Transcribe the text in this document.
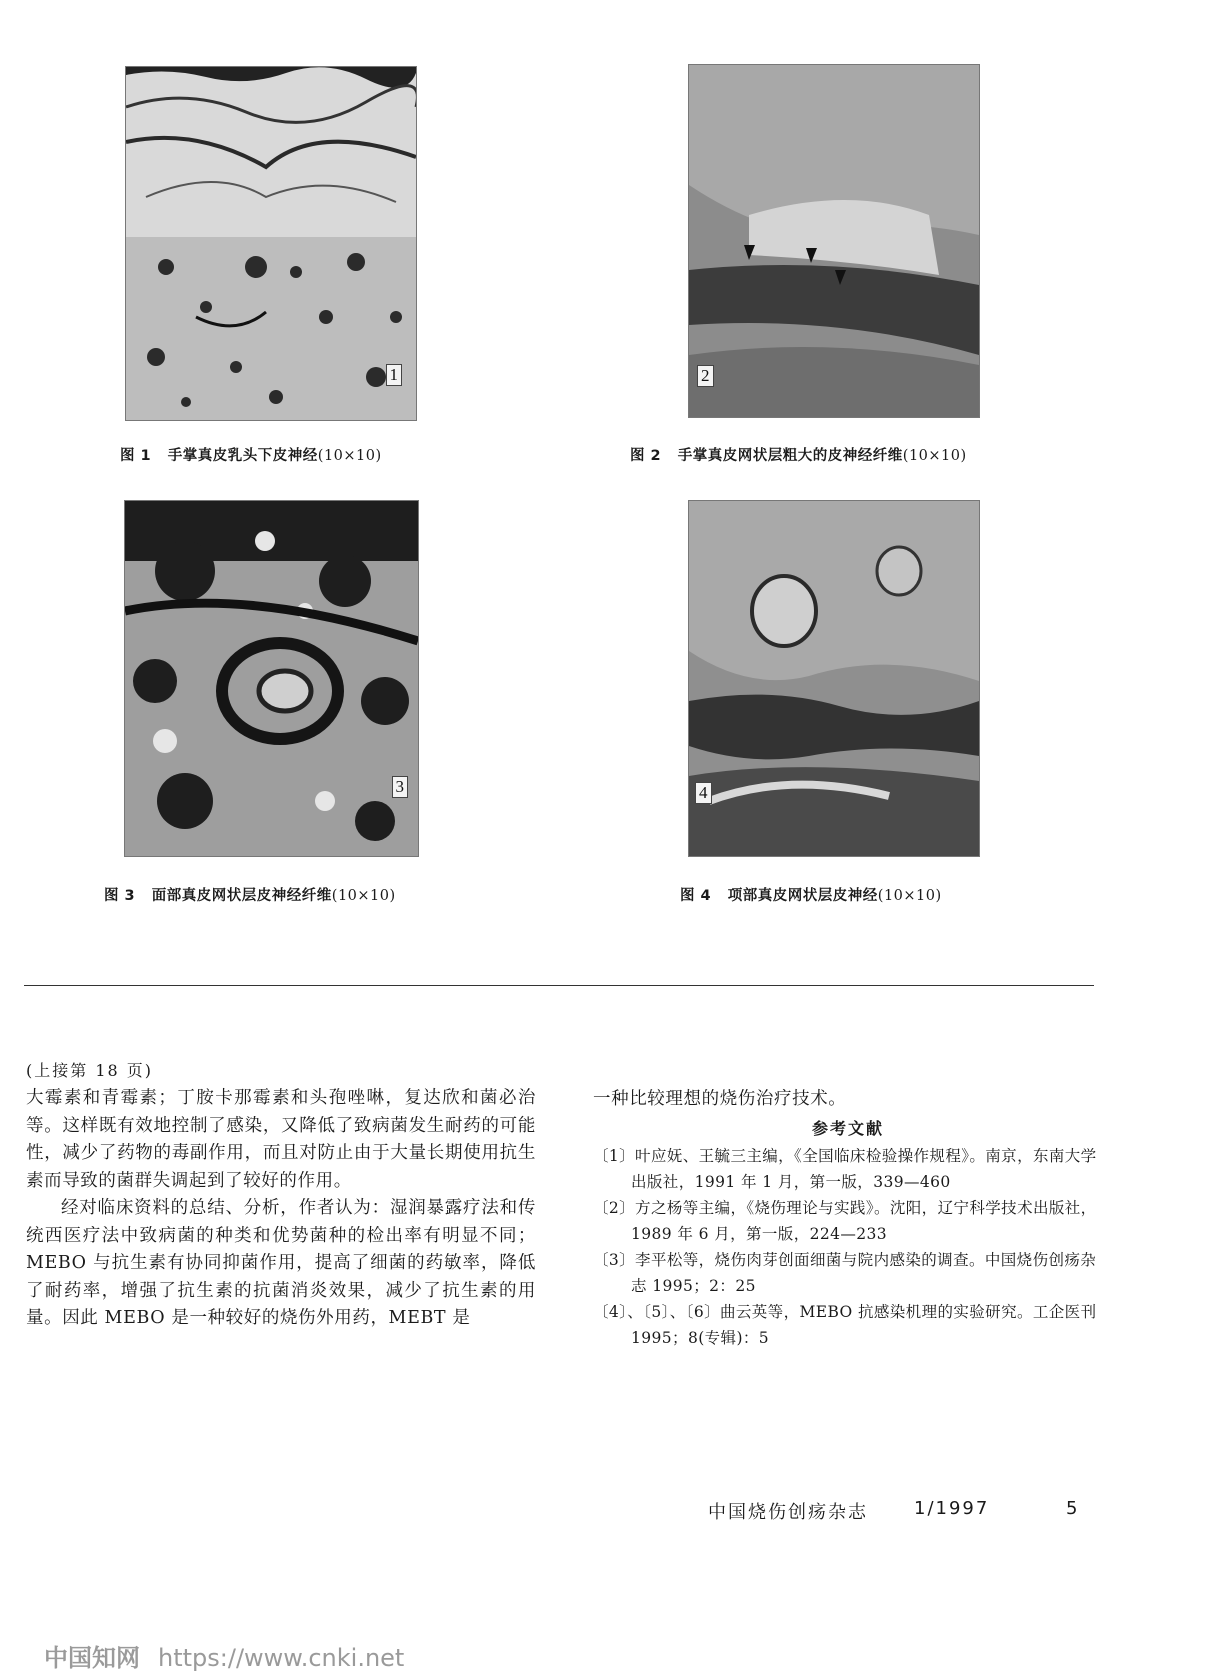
1	2
图 1 手掌真皮乳头下皮神经(10×10)	图 2 手掌真皮网状层粗大的皮神经纤维(10×10)
3	4
图 3 面部真皮网状层皮神经纤维(10×10)	图 4 项部真皮网状层皮神经(10×10)
(上接第 18 页)

大霉素和青霉素；丁胺卡那霉素和头孢唑啉，复达欣和菌必治等。这样既有效地控制了感染，又降低了致病菌发生耐药的可能性，减少了药物的毒副作用，而且对防止由于大量长期使用抗生素而导致的菌群失调起到了较好的作用。

经对临床资料的总结、分析，作者认为：湿润暴露疗法和传统西医疗法中致病菌的种类和优势菌种的检出率有明显不同；MEBO 与抗生素有协同抑菌作用，提高了细菌的药敏率，降低了耐药率，增强了抗生素的抗菌消炎效果，减少了抗生素的用量。因此 MEBO 是一种较好的烧伤外用药，MEBT 是

一种比较理想的烧伤治疗技术。

参考文献
〔1〕叶应妩、王毓三主编，《全国临床检验操作规程》。南京，东南大学出版社，1991 年 1 月，第一版，339—460
〔2〕方之杨等主编，《烧伤理论与实践》。沈阳，辽宁科学技术出版社，1989 年 6 月，第一版，224—233
〔3〕李平松等，烧伤肉芽创面细菌与院内感染的调查。中国烧伤创疡杂志 1995；2：25
〔4〕、〔5〕、〔6〕曲云英等，MEBO 抗感染机理的实验研究。工企医刊 1995；8(专辑)：5
中国烧伤创疡杂志	1/1997	5
中国知网 https://www.cnki.net
